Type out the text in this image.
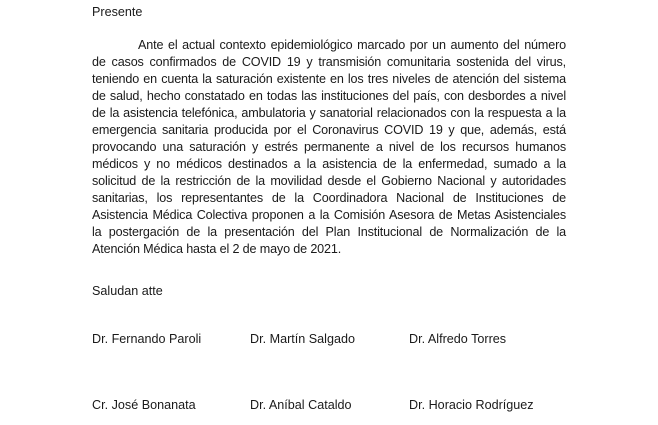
Presente

Ante el actual contexto epidemiológico marcado por un aumento del número de casos confirmados de COVID 19 y transmisión comunitaria sostenida del virus, teniendo en cuenta la saturación existente en los tres niveles de atención del sistema de salud, hecho constatado en todas las instituciones del país, con desbordes a nivel de la asistencia telefónica, ambulatoria y sanatorial relacionados con la respuesta a la emergencia sanitaria producida por el Coronavirus COVID 19 y que, además, está provocando una saturación y estrés permanente a nivel de los recursos humanos médicos y no médicos destinados a la asistencia de la enfermedad, sumado a la solicitud de la restricción de la movilidad desde el Gobierno Nacional y autoridades sanitarias, los representantes de la Coordinadora Nacional de Instituciones de Asistencia Médica Colectiva proponen a la Comisión Asesora de Metas Asistenciales la postergación de la presentación del Plan Institucional de Normalización de la Atención Médica hasta el 2 de mayo de 2021.

Saludan atte

Dr. Fernando Paroli	Dr. Martín Salgado	Dr. Alfredo Torres
Cr. José Bonanata	Dr. Aníbal Cataldo	Dr. Horacio Rodríguez
